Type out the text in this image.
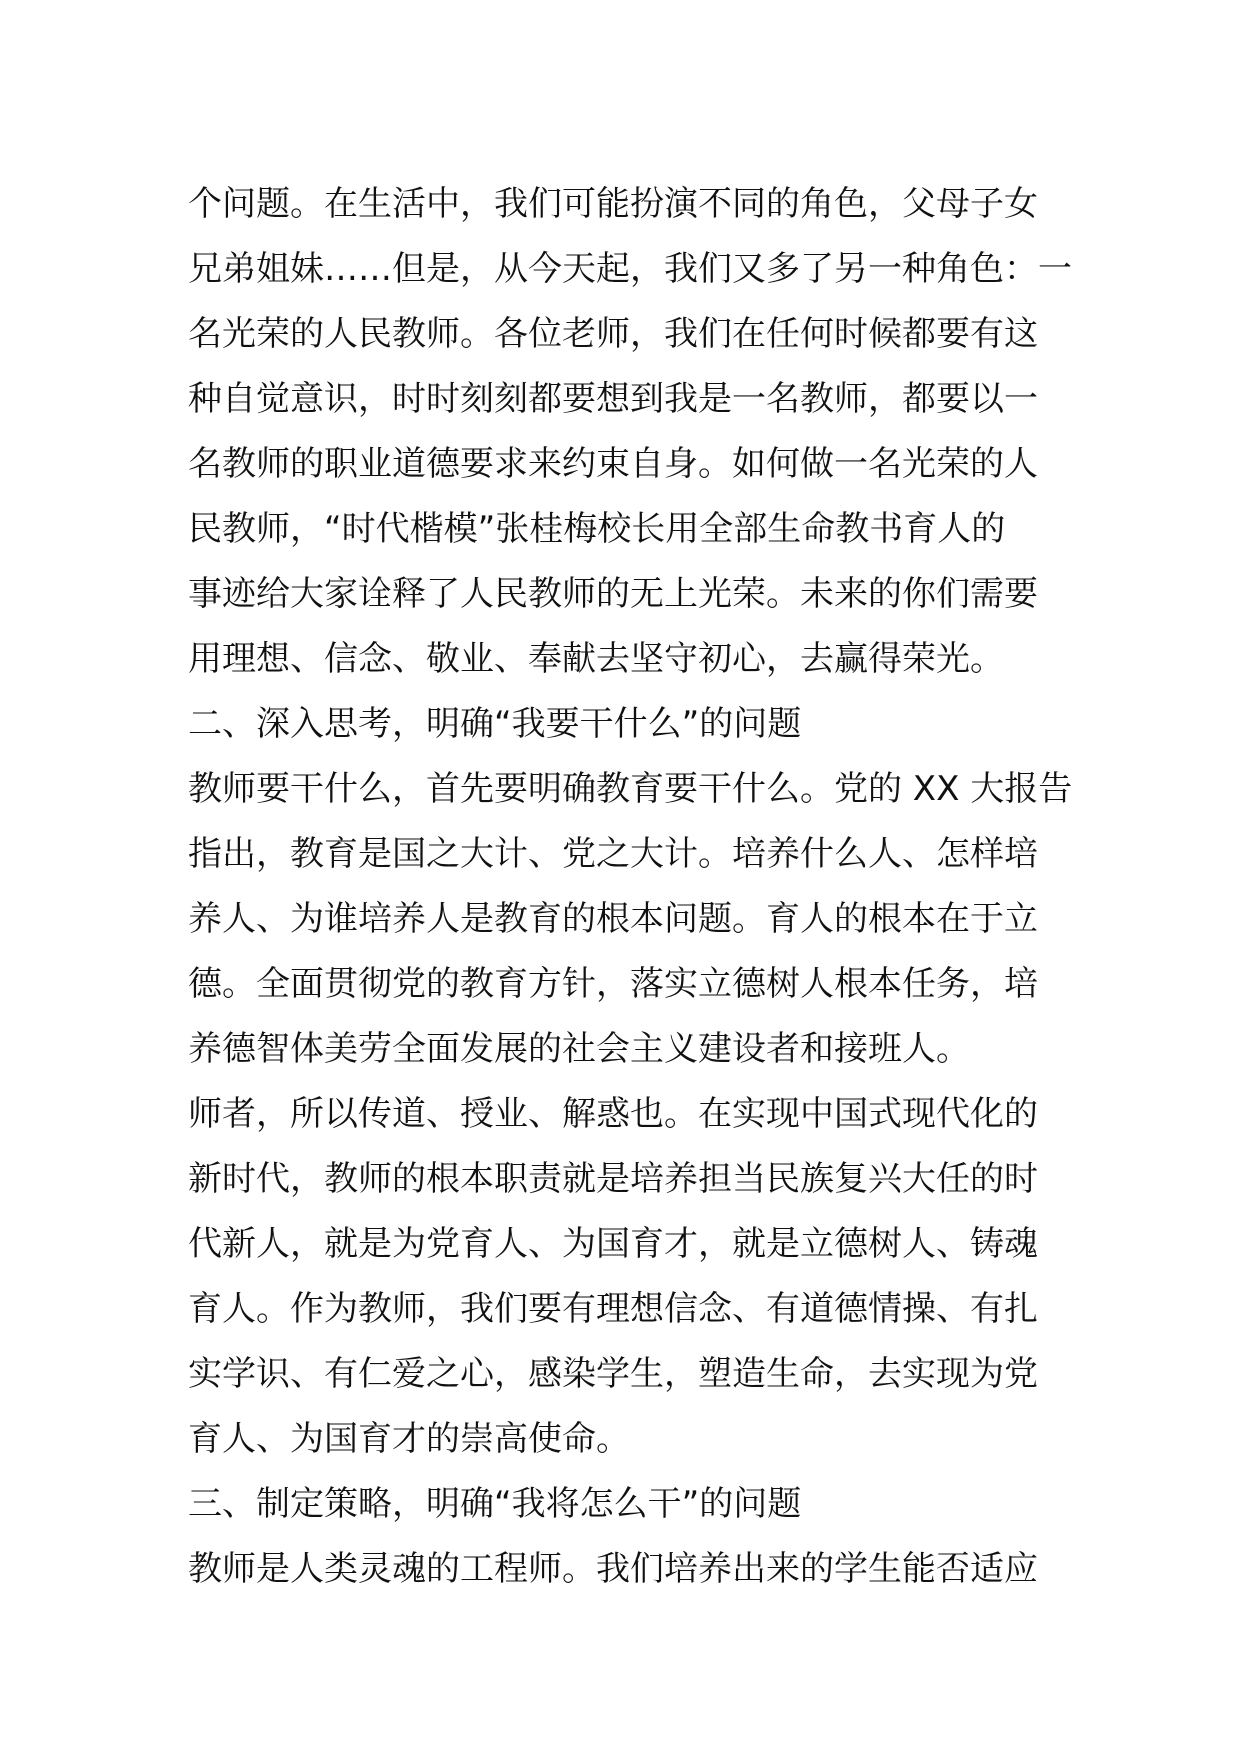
个问题。在生活中，我们可能扮演不同的角色，父母子女

兄弟姐妹……但是，从今天起，我们又多了另一种角色：一

名光荣的人民教师。各位老师，我们在任何时候都要有这

种自觉意识，时时刻刻都要想到我是一名教师，都要以一

名教师的职业道德要求来约束自身。如何做一名光荣的人

民教师，“时代楷模”张桂梅校长用全部生命教书育人的

事迹给大家诠释了人民教师的无上光荣。未来的你们需要

用理想、信念、敬业、奉献去坚守初心，去赢得荣光。

二、深入思考，明确“我要干什么”的问题

教师要干什么，首先要明确教育要干什么。党的 XX 大报告

指出，教育是国之大计、党之大计。培养什么人、怎样培

养人、为谁培养人是教育的根本问题。育人的根本在于立

德。全面贯彻党的教育方针，落实立德树人根本任务，培

养德智体美劳全面发展的社会主义建设者和接班人。

师者，所以传道、授业、解惑也。在实现中国式现代化的

新时代，教师的根本职责就是培养担当民族复兴大任的时

代新人，就是为党育人、为国育才，就是立德树人、铸魂

育人。作为教师，我们要有理想信念、有道德情操、有扎

实学识、有仁爱之心，感染学生，塑造生命，去实现为党

育人、为国育才的崇高使命。

三、制定策略，明确“我将怎么干”的问题

教师是人类灵魂的工程师。我们培养出来的学生能否适应
